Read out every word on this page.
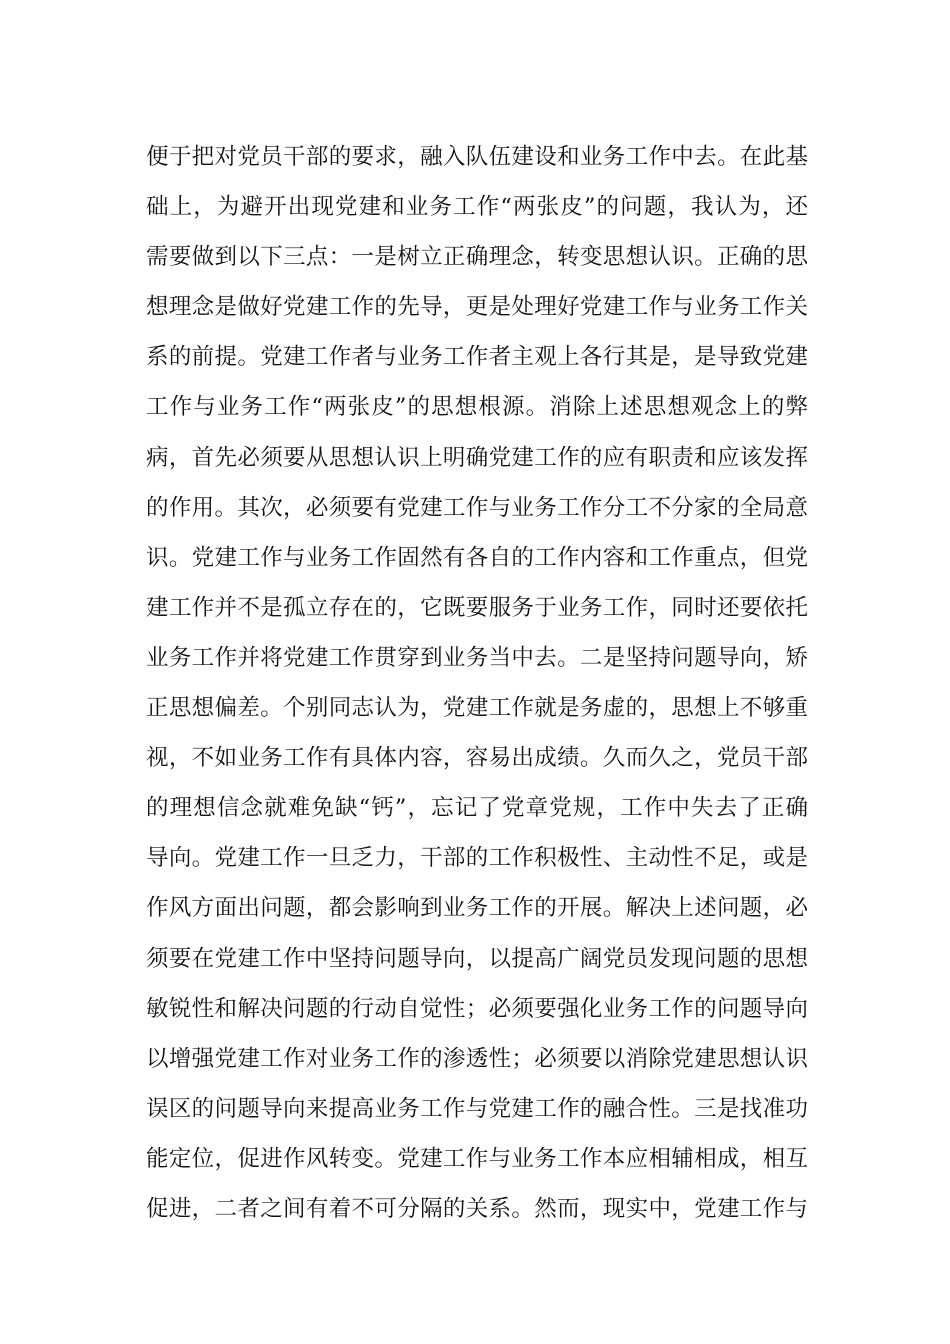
便于把对党员干部的要求，融入队伍建设和业务工作中去。在此基
础上，为避开出现党建和业务工作“两张皮”的问题，我认为，还
需要做到以下三点：一是树立正确理念，转变思想认识。正确的思
想理念是做好党建工作的先导，更是处理好党建工作与业务工作关
系的前提。党建工作者与业务工作者主观上各行其是，是导致党建
工作与业务工作“两张皮”的思想根源。消除上述思想观念上的弊
病，首先必须要从思想认识上明确党建工作的应有职责和应该发挥
的作用。其次，必须要有党建工作与业务工作分工不分家的全局意
识。党建工作与业务工作固然有各自的工作内容和工作重点，但党
建工作并不是孤立存在的，它既要服务于业务工作，同时还要依托
业务工作并将党建工作贯穿到业务当中去。二是坚持问题导向，矫
正思想偏差。个别同志认为，党建工作就是务虚的，思想上不够重
视，不如业务工作有具体内容，容易出成绩。久而久之，党员干部
的理想信念就难免缺“钙”，忘记了党章党规，工作中失去了正确
导向。党建工作一旦乏力，干部的工作积极性、主动性不足，或是
作风方面出问题，都会影响到业务工作的开展。解决上述问题，必
须要在党建工作中坚持问题导向，以提高广阔党员发现问题的思想
敏锐性和解决问题的行动自觉性；必须要强化业务工作的问题导向
以增强党建工作对业务工作的渗透性；必须要以消除党建思想认识
误区的问题导向来提高业务工作与党建工作的融合性。三是找准功
能定位，促进作风转变。党建工作与业务工作本应相辅相成，相互
促进，二者之间有着不可分隔的关系。然而，现实中，党建工作与
